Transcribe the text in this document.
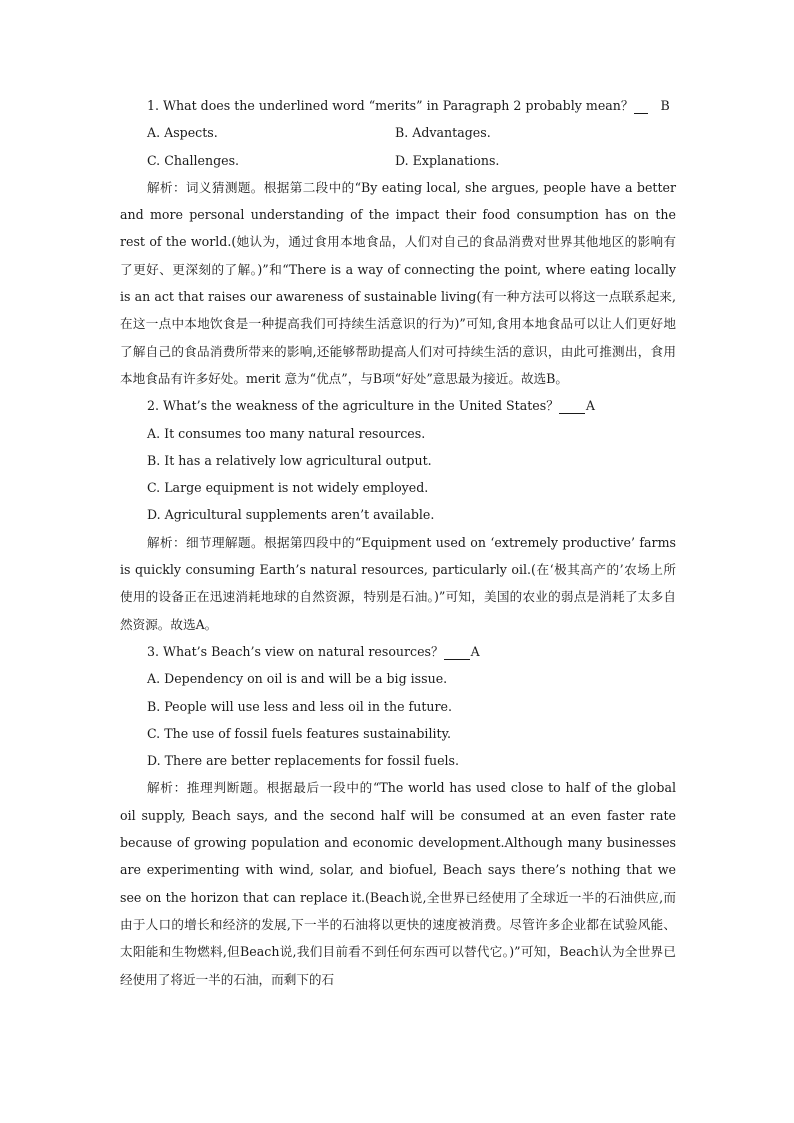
1. What does the underlined word “merits” in Paragraph 2 probably mean？ B

A. Aspects.	B. Advantages.
C. Challenges.	D. Explanations.

解析：词义猜测题。根据第二段中的“By eating local, she argues, people have a better and more personal understanding of the impact their food consumption has on the rest of the world.(她认为，通过食用本地食品，人们对自己的食品消费对世界其他地区的影响有了更好、更深刻的了解。)”和“There is a way of connecting the point, where eating locally is an act that raises our awareness of sustainable living(有一种方法可以将这一点联系起来,在这一点中本地饮食是一种提高我们可持续生活意识的行为)”可知,食用本地食品可以让人们更好地了解自己的食品消费所带来的影响,还能够帮助提高人们对可持续生活的意识，由此可推测出，食用本地食品有许多好处。merit 意为“优点”，与B项“好处”意思最为接近。故选B。

2. What’s the weakness of the agriculture in the United States？ A

A. It consumes too many natural resources.

B. It has a relatively low agricultural output.

C. Large equipment is not widely employed.

D. Agricultural supplements aren’t available.

解析：细节理解题。根据第四段中的“Equipment used on ‘extremely productive’ farms is quickly consuming Earth’s natural resources, particularly oil.(在‘极其高产的’农场上所使用的设备正在迅速消耗地球的自然资源，特别是石油。)”可知，美国的农业的弱点是消耗了太多自然资源。故选A。

3. What’s Beach’s view on natural resources？ A

A. Dependency on oil is and will be a big issue.

B. People will use less and less oil in the future.

C. The use of fossil fuels features sustainability.

D. There are better replacements for fossil fuels.

解析：推理判断题。根据最后一段中的“The world has used close to half of the global oil supply, Beach says, and the second half will be consumed at an even faster rate because of growing population and economic development.Although many businesses are experimenting with wind, solar, and biofuel, Beach says there’s nothing that we see on the horizon that can replace it.(Beach说,全世界已经使用了全球近一半的石油供应,而由于人口的增长和经济的发展,下一半的石油将以更快的速度被消费。尽管许多企业都在试验风能、太阳能和生物燃料,但Beach说,我们目前看不到任何东西可以替代它。)”可知，Beach认为全世界已经使用了将近一半的石油，而剩下的石
